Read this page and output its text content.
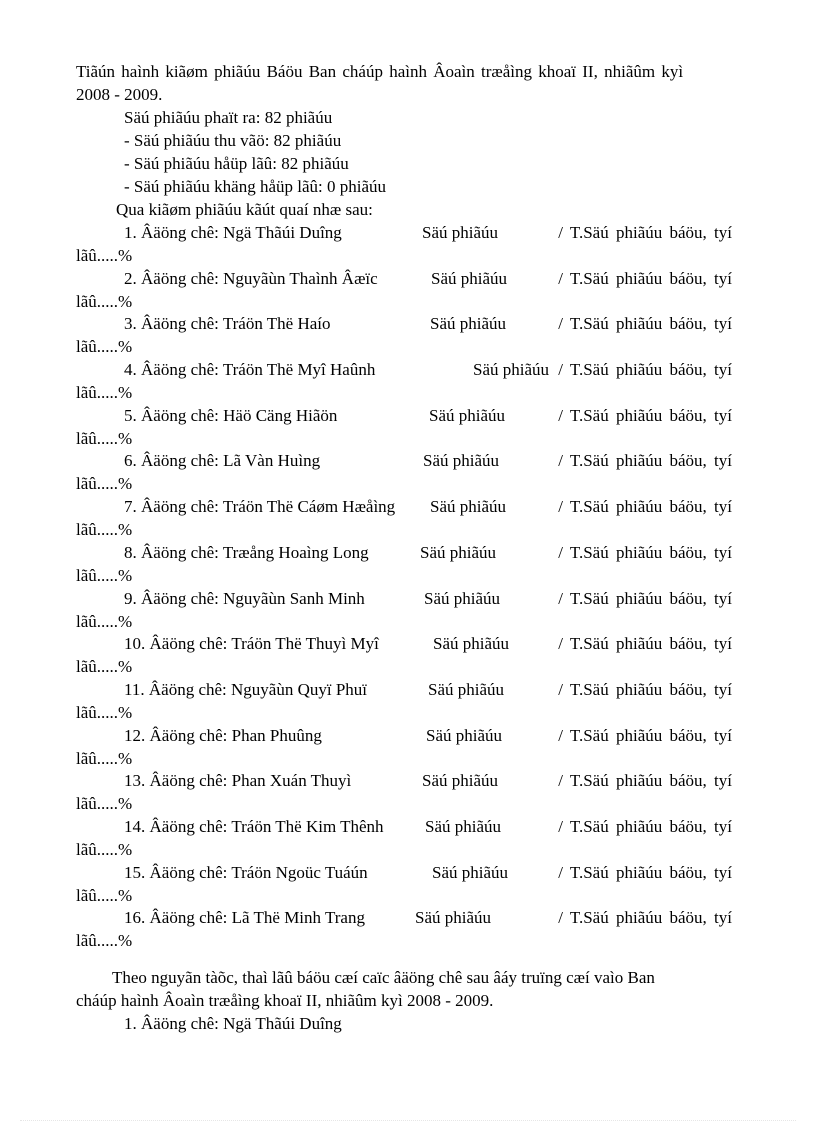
Tiãún haình kiãøm phiãúu Báöu Ban cháúp haình Âoaìn træåìng khoaï II, nhiãûm kyì
2008 - 2009.
Säú phiãúu phaït ra: 82 phiãúu
- Säú phiãúu thu vãö: 82 phiãúu
- Säú phiãúu håüp lãû: 82 phiãúu
- Säú phiãúu khäng håüp lãû: 0 phiãúu
Qua kiãøm phiãúu kãút quaí nhæ sau:
1. Âäöng chê: Ngä Thãúi Duîng	Säú phiãúu	/ T.Säú phiãúu báöu, tyí
lãû.....%
2. Âäöng chê: Nguyãùn Thaình Âæïc	Säú phiãúu	/ T.Säú phiãúu báöu, tyí
lãû.....%
3. Âäöng chê: Tráön Thë Haío	Säú phiãúu	/ T.Säú phiãúu báöu, tyí
lãû.....%
4. Âäöng chê: Tráön Thë Myî Haûnh	Säú phiãúu / T.Säú phiãúu báöu, tyí
lãû.....%
5. Âäöng chê: Häö Cäng Hiãön	Säú phiãúu	/ T.Säú phiãúu báöu, tyí
lãû.....%
6. Âäöng chê: Lã Vàn Huìng	Säú phiãúu	/ T.Säú phiãúu báöu, tyí
lãû.....%
7. Âäöng chê: Tráön Thë Cáøm Hæåìng Säú phiãúu	/ T.Säú phiãúu báöu, tyí
lãû.....%
8. Âäöng chê: Træång Hoaìng Long	Säú phiãúu	/ T.Säú phiãúu báöu, tyí
lãû.....%
9. Âäöng chê: Nguyãùn Sanh Minh	Säú phiãúu	/ T.Säú phiãúu báöu, tyí
lãû.....%
10. Âäöng chê: Tráön Thë Thuyì Myî	Säú phiãúu	/ T.Säú phiãúu báöu, tyí
lãû.....%
11. Âäöng chê: Nguyãùn Quyï Phuï	Säú phiãúu	/ T.Säú phiãúu báöu, tyí
lãû.....%
12. Âäöng chê: Phan Phuûng	Säú phiãúu	/ T.Säú phiãúu báöu, tyí
lãû.....%
13. Âäöng chê: Phan Xuán Thuyì	Säú phiãúu	/ T.Säú phiãúu báöu, tyí
lãû.....%
14. Âäöng chê: Tráön Thë Kim Thênh Säú phiãúu	/ T.Säú phiãúu báöu, tyí
lãû.....%
15. Âäöng chê: Tráön Ngoüc Tuáún	Säú phiãúu	/ T.Säú phiãúu báöu, tyí
lãû.....%
16. Âäöng chê: Lã Thë Minh Trang	Säú phiãúu	/ T.Säú phiãúu báöu, tyí
lãû.....%
Theo nguyãn tàõc, thaì lãû báöu cæí caïc âäöng chê sau âáy truïng cæí vaìo Ban
cháúp haình Âoaìn træåìng khoaï II, nhiãûm kyì 2008 - 2009.
1. Âäöng chê: Ngä Thãúi Duîng
